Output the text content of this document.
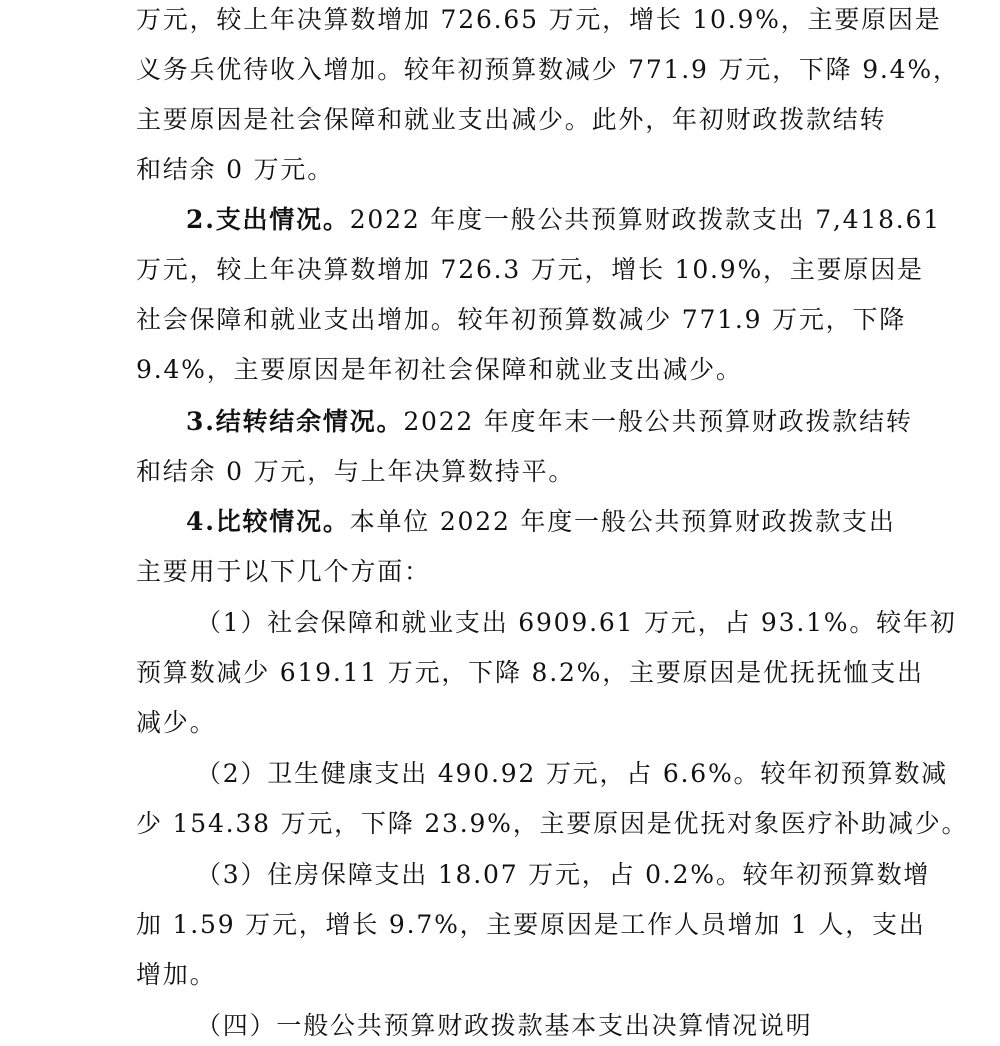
万元，较上年决算数增加 726.65 万元，增长 10.9%，主要原因是
义务兵优待收入增加。较年初预算数减少 771.9 万元，下降 9.4%，
主要原因是社会保障和就业支出减少。此外，年初财政拨款结转
和结余 0 万元。
2.支出情况。2022 年度一般公共预算财政拨款支出 7,418.61
万元，较上年决算数增加 726.3 万元，增长 10.9%，主要原因是
社会保障和就业支出增加。较年初预算数减少 771.9 万元，下降
9.4%，主要原因是年初社会保障和就业支出减少。
3.结转结余情况。2022 年度年末一般公共预算财政拨款结转
和结余 0 万元，与上年决算数持平。
4.比较情况。本单位 2022 年度一般公共预算财政拨款支出
主要用于以下几个方面：
（1）社会保障和就业支出 6909.61 万元，占 93.1%。较年初
预算数减少 619.11 万元，下降 8.2%，主要原因是优抚抚恤支出
减少。
（2）卫生健康支出 490.92 万元，占 6.6%。较年初预算数减
少 154.38 万元，下降 23.9%，主要原因是优抚对象医疗补助减少。
（3）住房保障支出 18.07 万元，占 0.2%。较年初预算数增
加 1.59 万元，增长 9.7%，主要原因是工作人员增加 1 人，支出
增加。
（四）一般公共预算财政拨款基本支出决算情况说明
